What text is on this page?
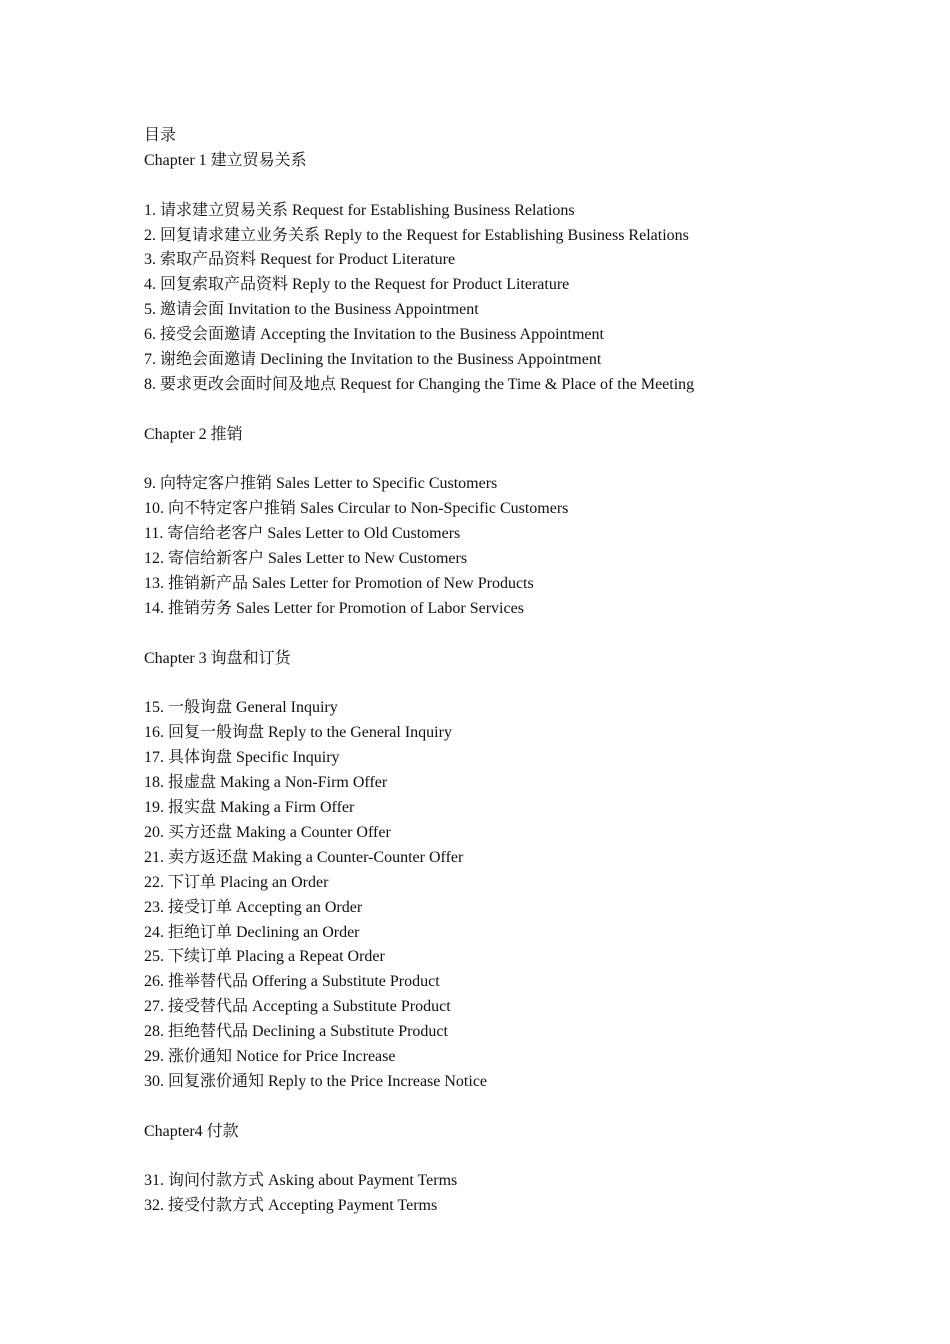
目录
Chapter 1 建立贸易关系
1. 请求建立贸易关系 Request for Establishing Business Relations
2. 回复请求建立业务关系 Reply to the Request for Establishing Business Relations
3. 索取产品资料 Request for Product Literature
4. 回复索取产品资料 Reply to the Request for Product Literature
5. 邀请会面 Invitation to the Business Appointment
6. 接受会面邀请 Accepting the Invitation to the Business Appointment
7. 谢绝会面邀请 Declining the Invitation to the Business Appointment
8. 要求更改会面时间及地点 Request for Changing the Time & Place of the Meeting
Chapter 2 推销
9. 向特定客户推销 Sales Letter to Specific Customers
10. 向不特定客户推销 Sales Circular to Non-Specific Customers
11. 寄信给老客户 Sales Letter to Old Customers
12. 寄信给新客户 Sales Letter to New Customers
13. 推销新产品 Sales Letter for Promotion of New Products
14. 推销劳务 Sales Letter for Promotion of Labor Services
Chapter 3 询盘和订货
15. 一般询盘 General Inquiry
16. 回复一般询盘 Reply to the General Inquiry
17. 具体询盘 Specific Inquiry
18. 报虚盘 Making a Non-Firm Offer
19. 报实盘 Making a Firm Offer
20. 买方还盘 Making a Counter Offer
21. 卖方返还盘 Making a Counter-Counter Offer
22. 下订单 Placing an Order
23. 接受订单 Accepting an Order
24. 拒绝订单 Declining an Order
25. 下续订单 Placing a Repeat Order
26. 推举替代品 Offering a Substitute Product
27. 接受替代品 Accepting a Substitute Product
28. 拒绝替代品 Declining a Substitute Product
29. 涨价通知 Notice for Price Increase
30. 回复涨价通知 Reply to the Price Increase Notice
Chapter4 付款
31. 询问付款方式 Asking about Payment Terms
32. 接受付款方式 Accepting Payment Terms
